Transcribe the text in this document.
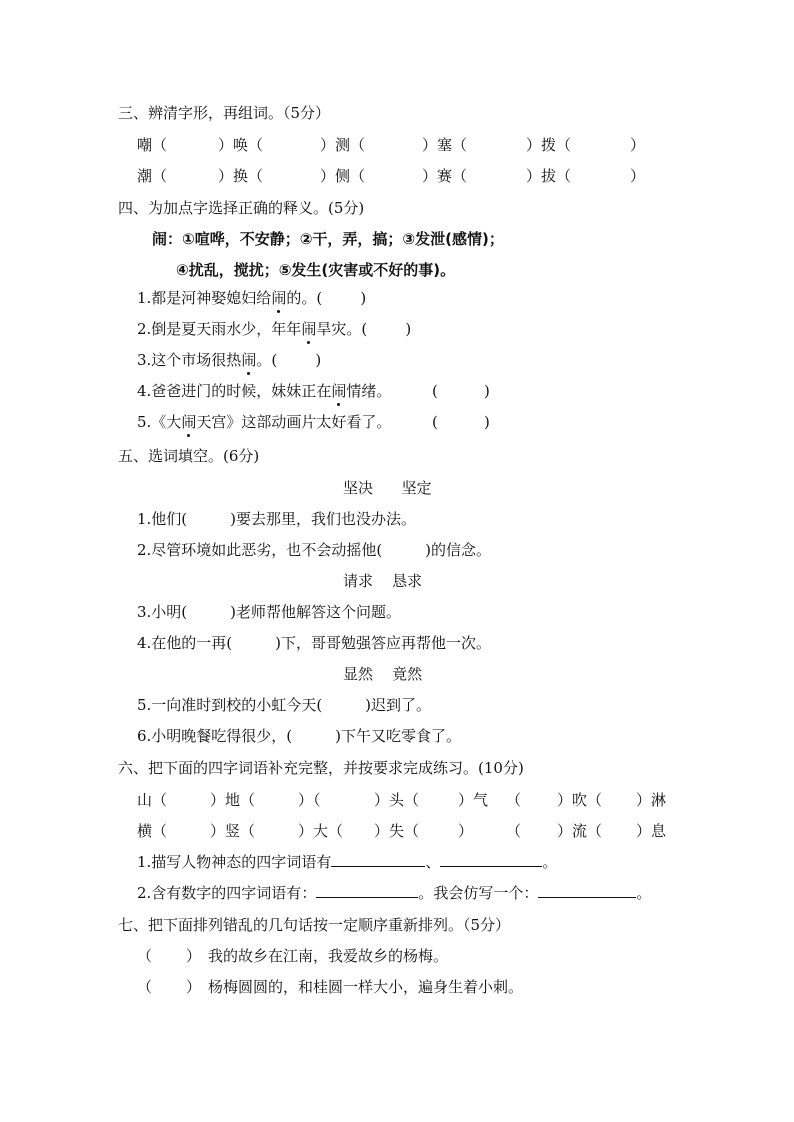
三、辨清字形，再组词。（5分）
嘲（	）唤（	）测（	）塞（	）拨（	）
潮（	）换（	）侧（	）赛（	）拔（	）
四、为加点字选择正确的释义。(5分)
闹：①喧哗，不安静；②干，弄，搞；③发泄(感情)；
④扰乱，搅扰；⑤发生(灾害或不好的事)。
1.都是河神娶媳妇给闹的。(	)
2.倒是夏天雨水少，年年闹旱灾。(	)
3.这个市场很热闹。(	)
4.爸爸进门的时候，妹妹正在闹情绪。	(	)
5.《大闹天宫》这部动画片太好看了。	(	)
五、选词填空。(6分)
坚决      坚定
1.他们(	)要去那里，我们也没办法。
2.尽管环境如此恶劣，也不会动摇他(	)的信念。
请求    恳求
3.小明(	)老师帮他解答这个问题。
4.在他的一再(	)下，哥哥勉强答应再帮他一次。
显然    竟然
5.一向准时到校的小虹今天(	)迟到了。
6.小明晚餐吃得很少，(	)下午又吃零食了。
六、把下面的四字词语补充完整，并按要求完成练习。(10分)
山（	）地（	）（	）头（	）气 （ ）吹（ ）淋
横（	）竖（	）大（ ）失（	） （ ）流（ ）息
1.描写人物神态的四字词语有	、	。
2.含有数字的四字词语有：	。我会仿写一个：	。
七、把下面排列错乱的几句话按一定顺序重新排列。（5分）
（ ） 我的故乡在江南，我爱故乡的杨梅。
（ ） 杨梅圆圆的，和桂圆一样大小，遍身生着小刺。
